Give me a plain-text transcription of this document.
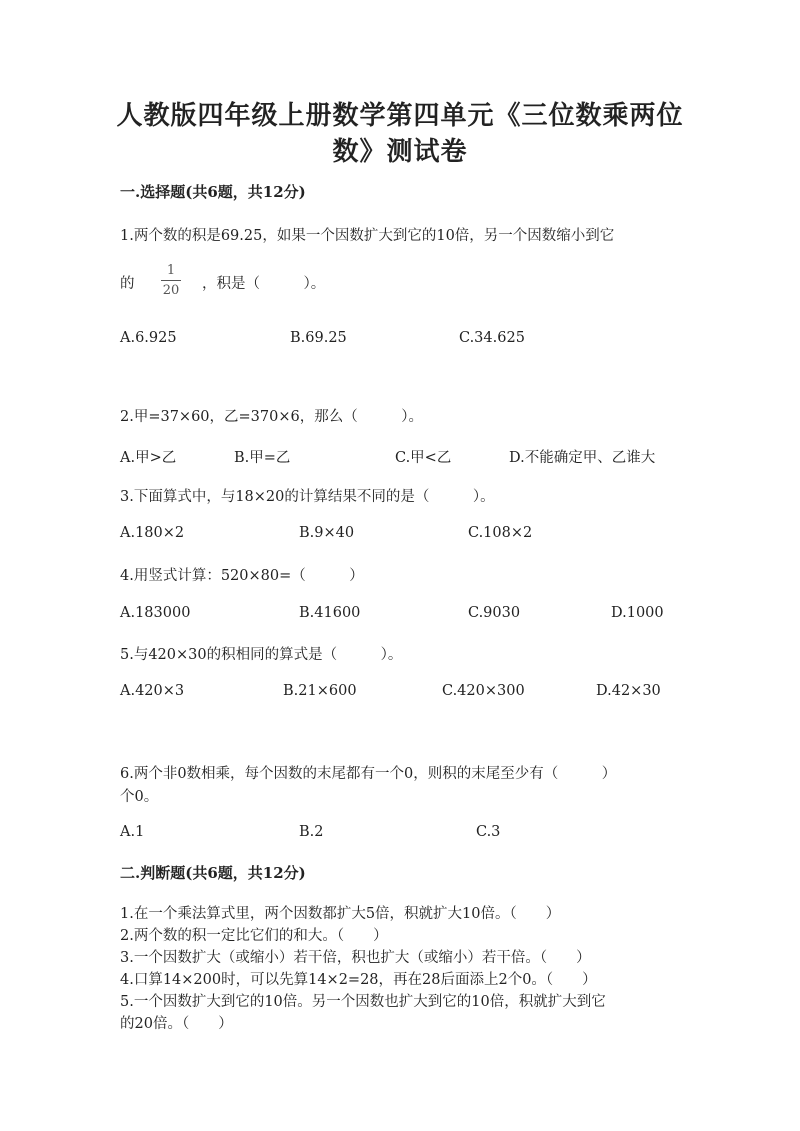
人教版四年级上册数学第四单元《三位数乘两位
数》测试卷
一.选择题(共6题，共12分)
1.两个数的积是69.25，如果一个因数扩大到它的10倍，另一个因数缩小到它
的
1
20 ，积是（　　　）。
A.6.925	B.69.25	C.34.625
2.甲=37×60，乙=370×6，那么（　　　）。
A.甲>乙	B.甲=乙	C.甲<乙	D.不能确定甲、乙谁大
3.下面算式中，与18×20的计算结果不同的是（　　　）。
A.180×2	B.9×40	C.108×2
4.用竖式计算：520×80=（　　　）
A.183000	B.41600	C.9030	D.1000
5.与420×30的积相同的算式是（　　　）。
A.420×3	B.21×600	C.420×300	D.42×30
6.两个非0数相乘，每个因数的末尾都有一个0，则积的末尾至少有（　　　）
个0。
A.1	B.2	C.3
二.判断题(共6题，共12分)
1.在一个乘法算式里，两个因数都扩大5倍，积就扩大10倍。（　　）
2.两个数的积一定比它们的和大。（　　）
3.一个因数扩大（或缩小）若干倍，积也扩大（或缩小）若干倍。（　　）
4.口算14×200时，可以先算14×2=28，再在28后面添上2个0。（　　）
5.一个因数扩大到它的10倍。另一个因数也扩大到它的10倍，积就扩大到它
的20倍。（　　）
